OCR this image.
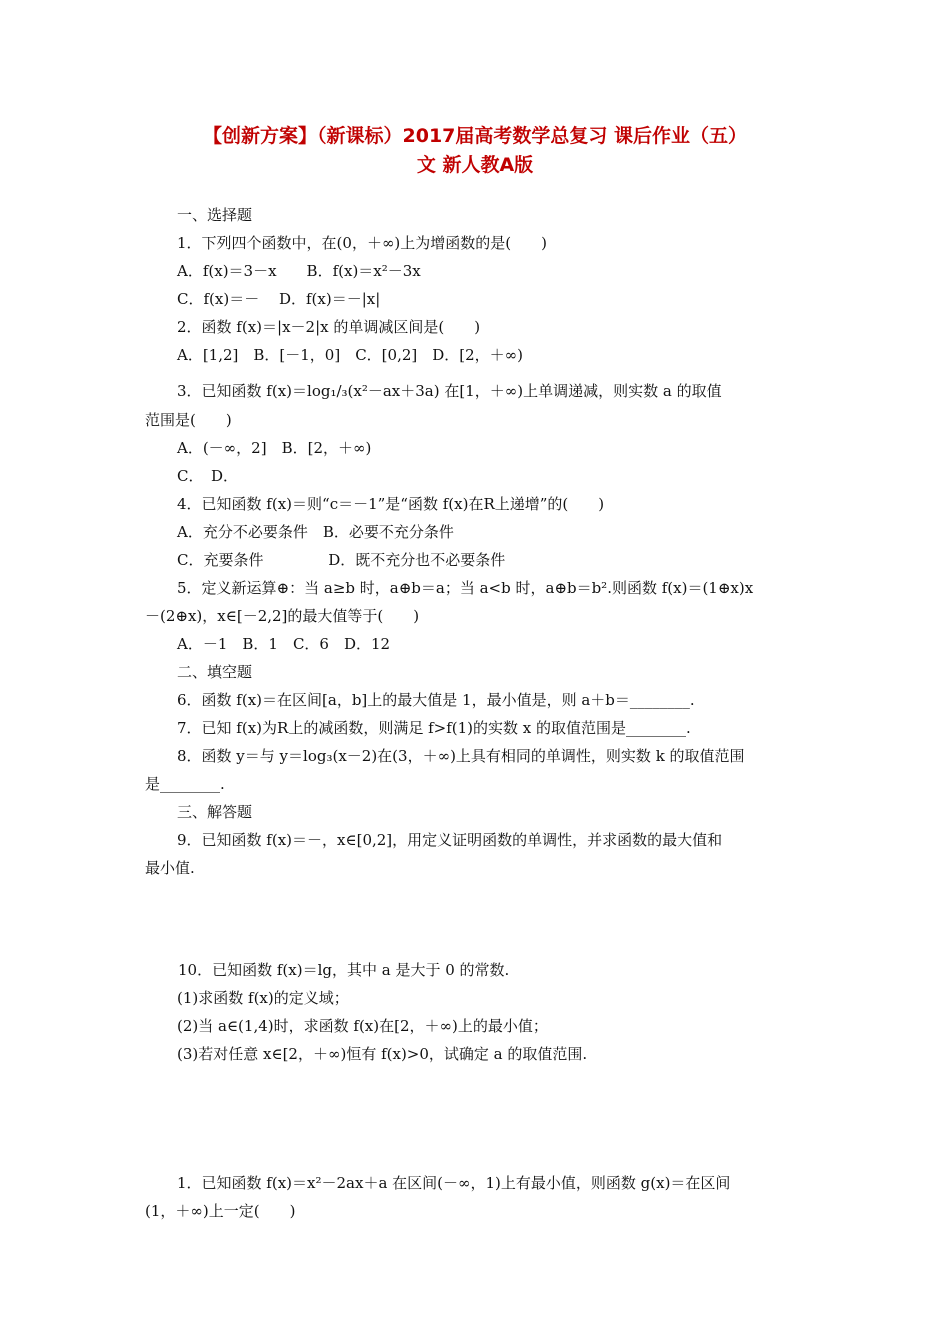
【创新方案】（新课标）2017届高考数学总复习 课后作业（五）
文 新人教A版
一、选择题
1．下列四个函数中，在(0，＋∞)上为增函数的是(　　)
A．f(x)＝3－x　　B．f(x)＝x²－3x
C．f(x)＝－　 D．f(x)＝－|x|
2．函数 f(x)＝|x－2|x 的单调减区间是(　　)
A．[1,2]　B．[－1，0]　C．[0,2]　D．[2，＋∞)
3．已知函数 f(x)＝log₁/₃(x²－ax＋3a) 在[1，＋∞)上单调递减，则实数 a 的取值
范围是(　　)
A．(－∞，2]　B．[2，＋∞)
C．　D．
4．已知函数 f(x)＝则“c＝－1”是“函数 f(x)在R上递增”的(　　)
A．充分不必要条件　B．必要不充分条件
C．充要条件　　　　 D．既不充分也不必要条件
5．定义新运算⊕：当 a≥b 时，a⊕b＝a；当 a<b 时，a⊕b＝b².则函数 f(x)＝(1⊕x)x
－(2⊕x)，x∈[－2,2]的最大值等于(　　)
A．－1　B．1　C．6　D．12
二、填空题
6．函数 f(x)＝在区间[a，b]上的最大值是 1，最小值是，则 a＋b＝________.
7．已知 f(x)为R上的减函数，则满足 f>f(1)的实数 x 的取值范围是________.
8．函数 y＝与 y＝log₃(x－2)在(3，＋∞)上具有相同的单调性，则实数 k 的取值范围
是________.
三、解答题
9．已知函数 f(x)＝－，x∈[0,2]，用定义证明函数的单调性，并求函数的最大值和
最小值.
10．已知函数 f(x)＝lg，其中 a 是大于 0 的常数.
(1)求函数 f(x)的定义域；
(2)当 a∈(1,4)时，求函数 f(x)在[2，＋∞)上的最小值；
(3)若对任意 x∈[2，＋∞)恒有 f(x)>0，试确定 a 的取值范围.
1．已知函数 f(x)＝x²－2ax＋a 在区间(－∞，1)上有最小值，则函数 g(x)＝在区间
(1，＋∞)上一定(　　)
